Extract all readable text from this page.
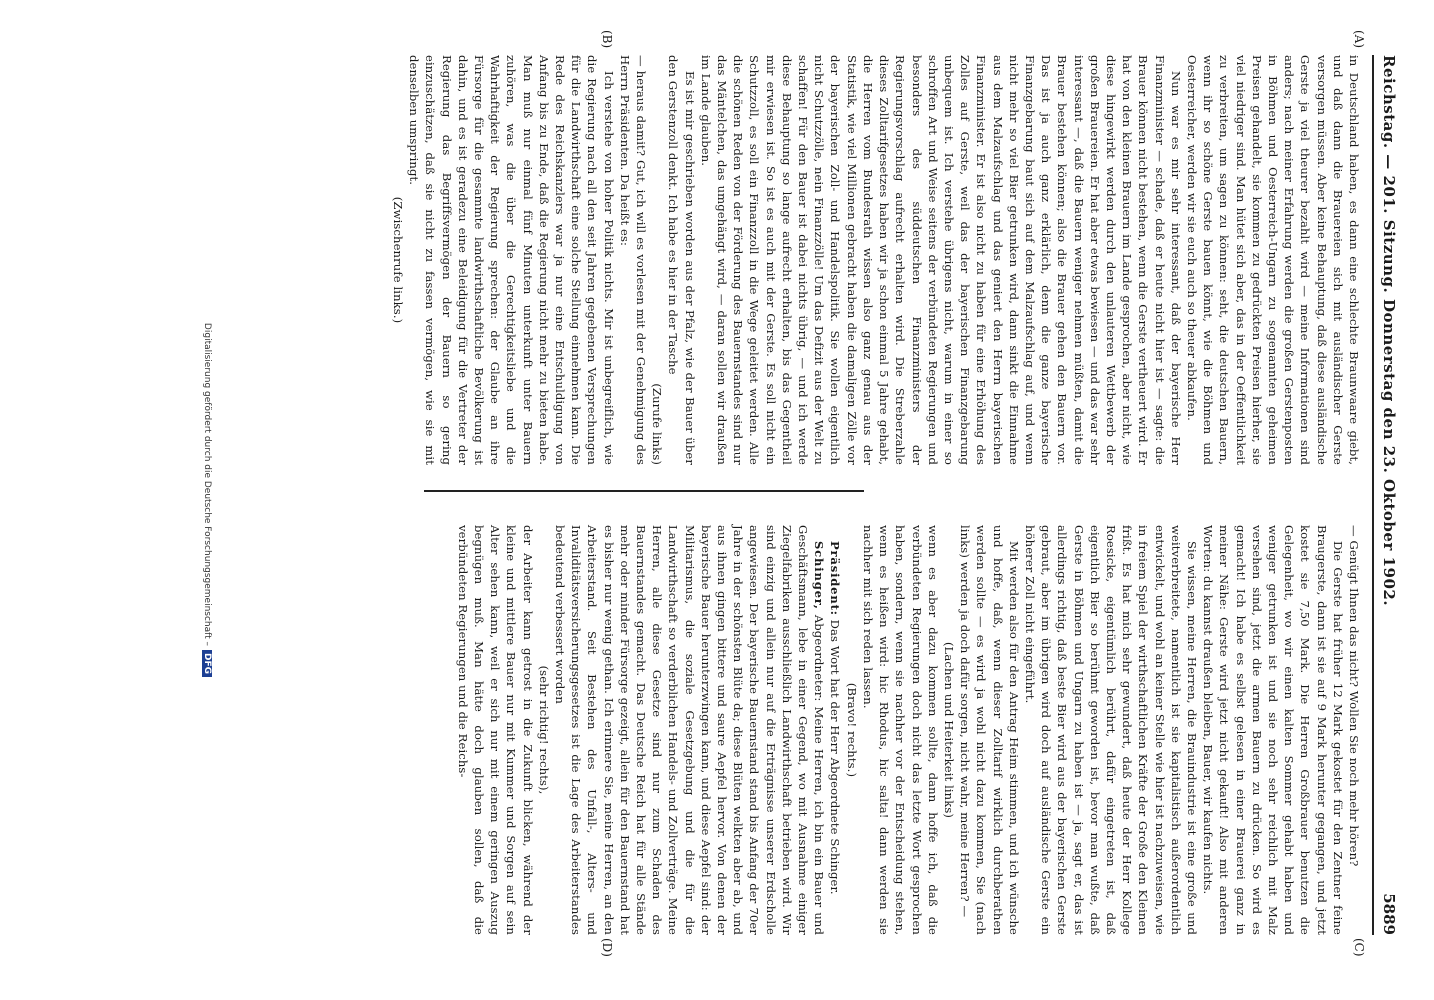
Reichstag. — 201. Sitzung. Donnerstag den 23. Oktober 1902.
5889
(A)
(B)
(C)
(D)

in Deutschland haben, es dann eine schlechte Braunwaare giebt, und daß dann die Brauereien sich mit ausländischer Gerste versorgen müssen. Aber keine Behauptung, daß diese ausländische Gerste ja viel theurer bezahlt wird — meine Informationen sind anders; nach meiner Erfahrung werden die großen Gerstenposten in Böhmen und Oesterreich-Ungarn zu sogenannten geheimen Preisen gehandelt, sie kommen zu gedrückten Preisen hierher, sie viel niedriger sind. Man hütet sich aber, das in der Oeffentlichkeit zu verbreiten, um sagen zu können: seht, die deutschen Bauern, wenn ihr so schöne Gerste bauen könnt, wie die Böhmen und Oesterreicher, werden wir sie euch auch so theuer abkaufen.

Nun war es mir sehr interessant, daß der bayerische Herr Finanzminister — schade, daß er heute nicht hier ist — sagte: die Brauer können nicht bestehen, wenn die Gerste vertheuert wird. Er hat von den kleinen Brauern im Lande gesprochen, aber nicht, wie diese hingewirkt werden durch den unlauteren Wettbewerb der großen Brauereien. Er hat aber etwas bewiesen — und das war sehr interessant —, daß die Bauern weniger nehmen müßten, damit die Brauer bestehen können; also die Brauer gehen den Bauern vor. Das ist ja auch ganz erklärlich, denn die ganze bayerische Finanzgebarung baut sich auf dem Malzaufschlag auf, und wenn nicht mehr so viel Bier getrunken wird, dann sinkt die Einnahme aus dem Malzaufschlag und das geniert den Herrn bayerischen Finanzminister. Er ist also nicht zu haben für eine Erhöhung des Zolles auf Gerste, weil das der bayerischen Finanzgebarung unbequem ist. Ich verstehe übrigens nicht, warum in einer so schroffen Art und Weise seitens der verbündeten Regierungen und besonders des süddeutschen Finanzministers der Regierungsvorschlag aufrecht erhalten wird. Die Streberzahle dieses Zolltarifgesetzes haben wir ja schon einmal 5 Jahre gehabt, die Herren vom Bundesrath wissen also ganz genau aus der Statistik, wie viel Millionen gebracht haben die damaligen Zölle vor der bayerischen Zoll- und Handelspolitik. Sie wollen eigentlich nicht Schutzzölle, nein Finanzzölle! Um das Defizit aus der Welt zu schaffen! Für den Bauer ist dabei nichts übrig, — und ich werde diese Behauptung so lange aufrecht erhalten, bis das Gegentheil mir erwiesen ist. So ist es auch mit der Gerste. Es soll nicht ein Schutzzoll, es soll ein Finanzzoll in die Wege geleitet werden. Alle die schönen Reden von der Förderung des Bauernstandes sind nur das Mäntelchen, das umgehängt wird, — daran sollen wir draußen im Lande glauben.

Es ist mir geschrieben worden aus der Pfalz, wie der Bauer über den Gerstenzoll denkt. Ich habe es hier in der Tasche

(Zurufe links)

— heraus damit? Gut, ich will es vorlesen mit der Genehmigung des Herrn Präsidenten. Da heißt es:

Ich verstehe von hoher Politik nichts. Mir ist unbegreiflich, wie die Regierung nach all den seit Jahren gegebenen Versprechungen für die Landwirthschaft eine solche Stellung einnehmen kann. Die Rede des Reichskanzlers war ja nur eine Entschuldigung von Anfang bis zu Ende, daß die Regierung nicht mehr zu bieten habe. Man muß nur einmal fünf Minuten unterkunft unter Bauern zuhören, was die über die Gerechtigkeitsliebe und die Wahrhaftigkeit der Regierung sprechen: der Glaube an ihre Fürsorge für die gesammte landwirthschaftliche Bevölkerung ist dahin, und es ist geradezu eine Beleidigung für die Vertreter der Regierung das Begriffsvermögen der Bauern so gering einzuschätzen, daß sie nicht zu fassen vermögen, wie sie mit denselben umspringt.

(Zwischenrufe links.)

— Genügt Ihnen das nicht? Wollen Sie noch mehr hören?

Die Gerste hat früher 12 Mark gekostet für den Zentner feine Braugerste, dann ist sie auf 9 Mark herunter gegangen, und jetzt kostet sie 7,50 Mark. Die Herren Großbrauer benutzen die Gelegenheit, wo wir einen kalten Sommer gehabt haben und weniger getrunken ist und sie noch sehr reichlich mit Malz versehen sind, jetzt die armen Bauern zu drücken. So wird es gemacht! Ich habe es selbst gelesen in einer Brauerei ganz in meiner Nähe: Gerste wird jetzt nicht gekauft! Also mit anderen Worten: du kannst draußen bleiben, Bauer, wir kaufen nichts.

Sie wissen, meine Herren, die Brauindustrie ist eine große und weitverbreitete, namentlich ist sie kapitalistisch außerordentlich entwickelt, und wohl an keiner Stelle wie hier ist nachzuweisen, wie in freiem Spiel der wirthschaftlichen Kräfte der Große den Kleinen frißt. Es hat mich sehr gewundert, daß heute der Herr Kollege Roesicke, eigentümlich berührt, dafür eingetreten ist, daß eigentlich Bier so berühmt geworden ist, bevor man wußte, daß Gerste in Böhmen und Ungarn zu haben ist — ja, sagt er, das ist allerdings richtig, daß beste Bier wird aus der bayerischen Gerste gebraut, aber im übrigen wird doch auf ausländische Gerste ein höherer Zoll nicht eingeführt.

Mit werden also für den Antrag Heim stimmen, und ich wünsche und hoffe, daß, wenn dieser Zolltarif wirklich durchberathen werden sollte — es wird ja wohl nicht dazu kommen, Sie (nach links) werden ja doch dafür sorgen, nicht wahr, meine Herren? —

(Lachen und Heiterkeit links)

wenn es aber dazu kommen sollte, dann hoffe ich, daß die verbündeten Regierungen doch nicht das letzte Wort gesprochen haben, sondern, wenn sie nachher vor der Entscheidung stehen, wenn es heißen wird: hic Rhodus, hic salta! dann werden sie nachher mit sich reden lassen.

(Bravo! rechts.)

Präsident: Das Wort hat der Herr Abgeordnete Schinger.

Schinger, Abgeordneter: Meine Herren, ich bin ein Bauer und Geschäftsmann, lebe in einer Gegend, wo mit Ausnahme einiger Ziegelfabriken ausschließlich Landwirthschaft betrieben wird. Wir sind einzig und allein nur auf die Erträgnisse unserer Erdscholle angewiesen. Der bayerische Bauernstand stand bis Anfang der 70er Jahre in der schönsten Blüte da; diese Blüten welkten aber ab, und aus ihnen gingen bittere und saure Aepfel hervor. Von denen der bayerische Bauer herunterzwingen kann, und diese Aepfel sind: der Militarismus, die soziale Gesetzgebung und die für die Landwirthschaft so verderblichen Handels- und Zollverträge. Meine Herren, alle diese Gesetze sind nur zum Schaden des Bauernstandes gemacht. Das Deutsche Reich hat für alle Stände mehr oder minder Fürsorge gezeigt, allein für den Bauernstand hat es bisher nur wenig gethan. Ich erinnere Sie, meine Herren, an den Arbeiterstand. Seit Bestehen des Unfall-, Alters- und Invaliditätsversicherungsgesetzes ist die Lage des Arbeiterstandes bedeutend verbessert worden

(sehr richtig! rechts),

der Arbeiter kann getrost in die Zukunft blicken, während der kleine und mittlere Bauer nur mit Kummer und Sorgen auf sein Alter sehen kann, weil er sich nur mit einem geringen Auszug begnügen muß. Man hätte doch glauben sollen, daß die verbündeten Regierungen und die Reichs-

Digitalisierung gefördert durch die Deutsche Forschungsgemeinschaft –DFG
